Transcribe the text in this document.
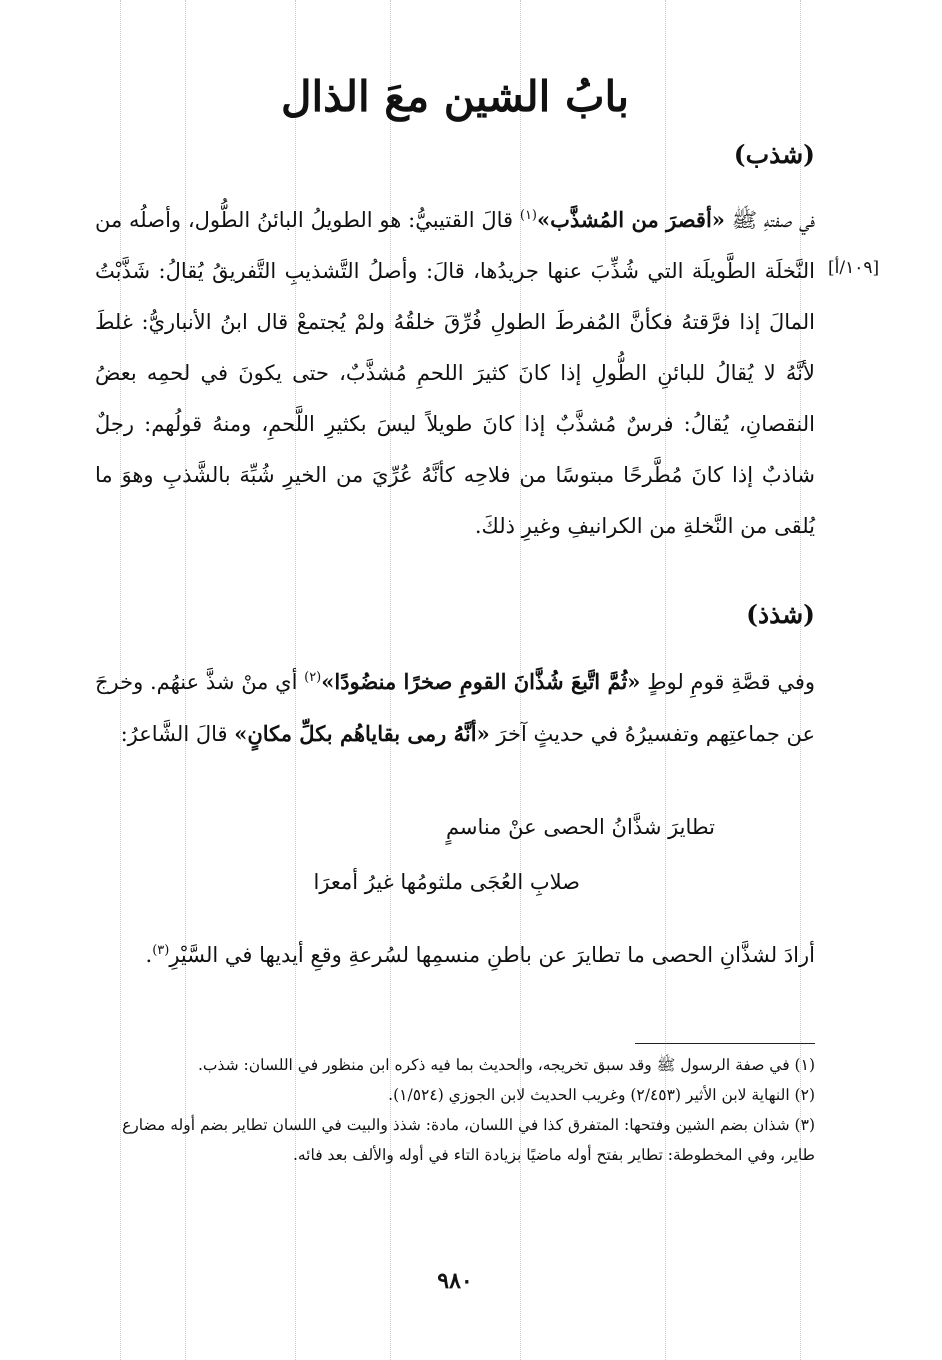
[١٠٩/أ]
بابُ الشين معَ الذال
(شذب)
في صفتهِ ﷺ «أقصرَ من المُشذَّب»$^{(١)}$ قالَ القتيبيُّ: هو الطويلُ البائنُ الطُّول، وأصلُه من النَّخلَة الطَّويلَة التي شُذِّبَ عنها جريدُها، قالَ: وأصلُ التَّشذيبِ التَّفريقُ يُقالُ: شَذَّبْتُ المالَ إذا فرَّقتهُ فكأنَّ المُفرطَ الطولِ فُرِّقَ خلقُهُ ولمْ يُجتمعْ قال ابنُ الأنباريُّ: غلطَ لأنَّهُ لا يُقالُ للبائنِ الطُّولِ إذا كانَ كثيرَ اللحمِ مُشذَّبٌ، حتى يكونَ في لحمِه بعضُ النقصانِ، يُقالُ: فرسٌ مُشذَّبٌ إذا كانَ طويلاً ليسَ بكثيرِ اللَّحمِ، ومنهُ قولُهم: رجلٌ شاذبٌ إذا كانَ مُطَّرحًا مبتوسًا من فلاحِه كأنَّهُ عُرِّيَ من الخيرِ شُبِّهَ بالشَّذبِ وهوَ ما يُلقى من النَّخلةِ من الكرانيفِ وغيرِ ذلكَ.
(شذذ)
وفي قصَّةِ قومِ لوطٍ «ثُمَّ اتَّبعَ شُذَّانَ القومِ صخرًا منضُودًا»$^{(٢)}$ أي منْ شذَّ عنهُم. وخرجَ عن جماعتِهم وتفسيرُهُ في حديثٍ آخرَ «أنَّهُ رمى بقاياهُم بكلِّ مكانٍ» قالَ الشَّاعرُ:
تطايرَ شذَّانُ الحصى عنْ مناسمٍ
صلابِ العُجَى ملثومُها غيرُ أمعرَا
أرادَ لشذَّانِ الحصى ما تطايرَ عن باطنِ منسمِها لسُرعةِ وقعِ أيديها في السَّيْرِ$^{(٣)}$.

(١) في صفة الرسول ﷺ وقد سبق تخريجه، والحديث بما فيه ذكره ابن منظور في اللسان: شذب.

(٢) النهاية لابن الأثير (٢/٤٥٣) وغريب الحديث لابن الجوزي (١/٥٢٤).

(٣) شذان بضم الشين وفتحها: المتفرق كذا في اللسان، مادة: شذذ والبيت في اللسان تطاير بضم أوله مضارع طاير، وفي المخطوطة: تطاير بفتح أوله ماضيًا بزيادة التاء في أوله والألف بعد فائه.

٩٨٠
